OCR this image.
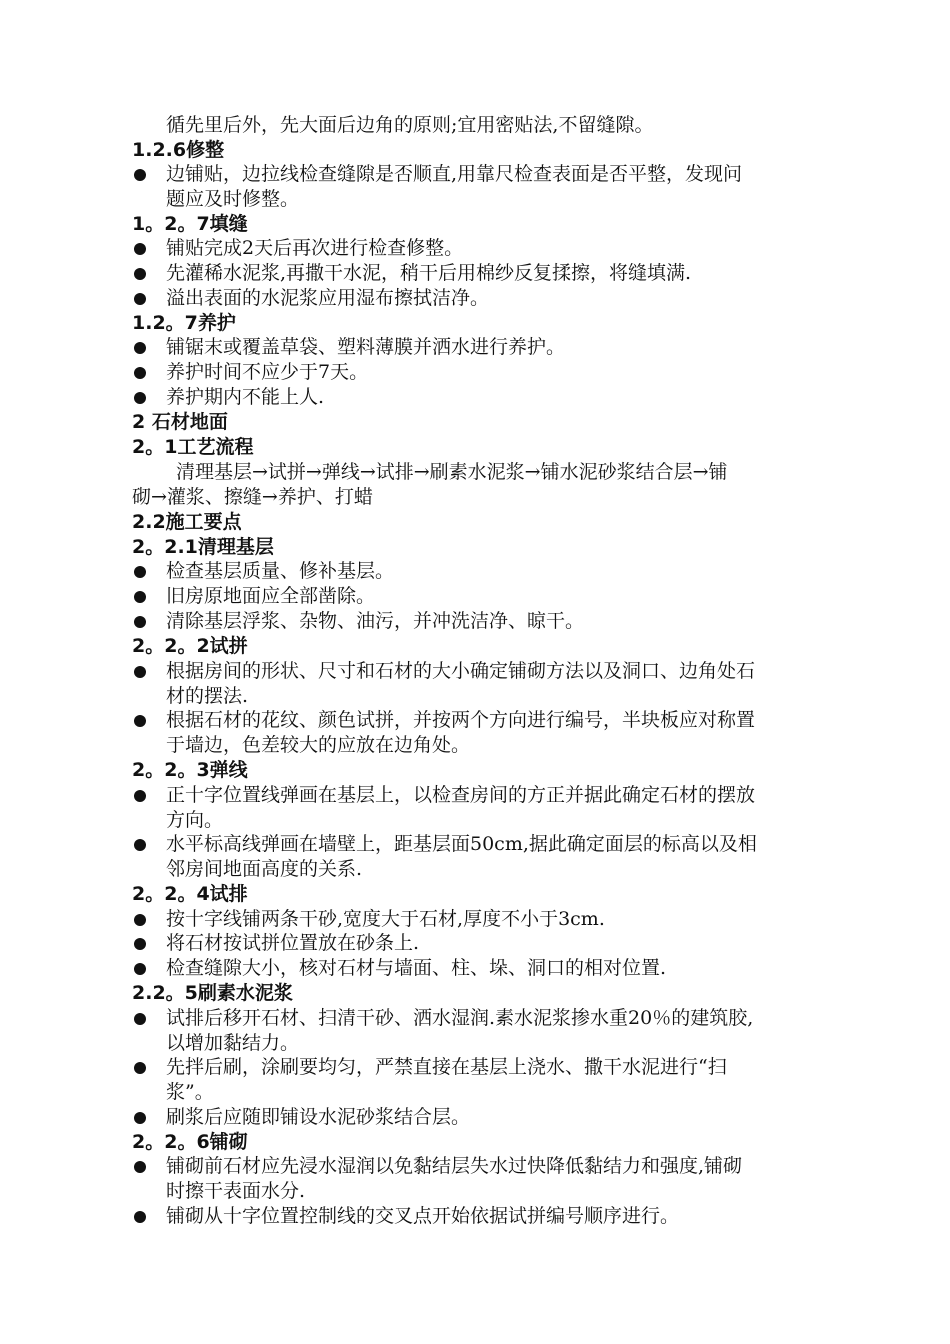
循先里后外，先大面后边角的原则;宜用密贴法,不留缝隙。
1.2.6修整
边铺贴，边拉线检查缝隙是否顺直,用靠尺检查表面是否平整，发现问
题应及时修整。
1。2。7填缝
铺贴完成2天后再次进行检查修整。
先灌稀水泥浆,再撒干水泥，稍干后用棉纱反复揉擦，将缝填满.
溢出表面的水泥浆应用湿布擦拭洁净。
1.2。7养护
铺锯末或覆盖草袋、塑料薄膜并洒水进行养护。
养护时间不应少于7天。
养护期内不能上人.
2 石材地面
2。1工艺流程
清理基层→试拼→弹线→试排→刷素水泥浆→铺水泥砂浆结合层→铺
砌→灌浆、擦缝→养护、打蜡
2.2施工要点
2。2.1清理基层
检查基层质量、修补基层。
旧房原地面应全部凿除。
清除基层浮浆、杂物、油污，并冲洗洁净、晾干。
2。2。2试拼
根据房间的形状、尺寸和石材的大小确定铺砌方法以及洞口、边角处石
材的摆法.
根据石材的花纹、颜色试拼，并按两个方向进行编号，半块板应对称置
于墙边，色差较大的应放在边角处。
2。2。3弹线
正十字位置线弹画在基层上，以检查房间的方正并据此确定石材的摆放
方向。
水平标高线弹画在墙壁上，距基层面50cm,据此确定面层的标高以及相
邻房间地面高度的关系.
2。2。4试排
按十字线铺两条干砂,宽度大于石材,厚度不小于3cm.
将石材按试拼位置放在砂条上.
检查缝隙大小，核对石材与墙面、柱、垛、洞口的相对位置.
2.2。5刷素水泥浆
试排后移开石材、扫清干砂、洒水湿润.素水泥浆掺水重20％的建筑胶,
以增加黏结力。
先拌后刷，涂刷要均匀，严禁直接在基层上浇水、撒干水泥进行“扫
浆”。
刷浆后应随即铺设水泥砂浆结合层。
2。2。6铺砌
铺砌前石材应先浸水湿润以免黏结层失水过快降低黏结力和强度,铺砌
时擦干表面水分.
铺砌从十字位置控制线的交叉点开始依据试拼编号顺序进行。
